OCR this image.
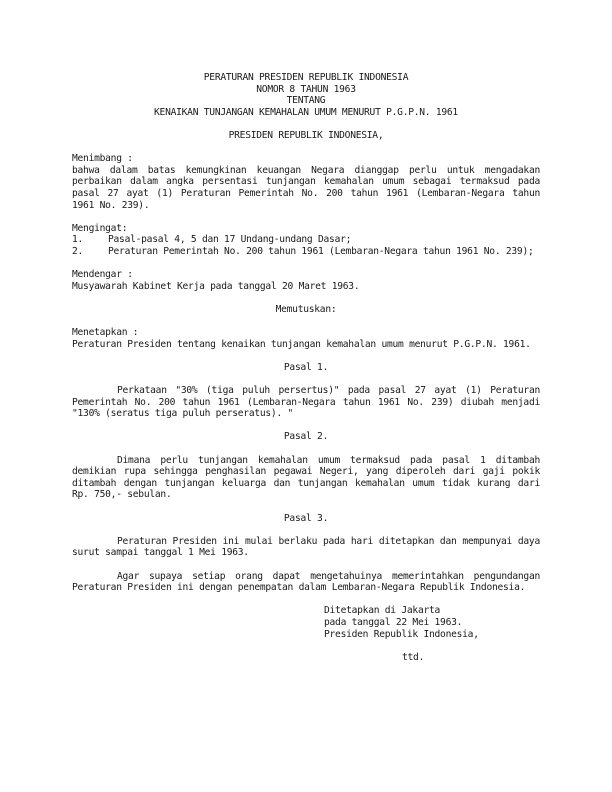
PERATURAN PRESIDEN REPUBLIK INDONESIA

NOMOR 8 TAHUN 1963

TENTANG

KENAIKAN TUNJANGAN KEMAHALAN UMUM MENURUT P.G.P.N. 1961

PRESIDEN REPUBLIK INDONESIA,

Menimbang :

bahwa dalam batas kemungkinan keuangan Negara dianggap perlu untuk mengadakan perbaikan dalam angka persentasi tunjangan kemahalan umum sebagai termaksud pada pasal 27 ayat (1) Peraturan Pemerintah No. 200 tahun 1961 (Lembaran-Negara tahun 1961 No. 239).

Mengingat:

1.	Pasal-pasal 4, 5 dan 17 Undang-undang Dasar;
2.	Peraturan Pemerintah No. 200 tahun 1961 (Lembaran-Negara tahun 1961 No. 239);

Mendengar :

Musyawarah Kabinet Kerja pada tanggal 20 Maret 1963.

Memutuskan:

Menetapkan :

Peraturan Presiden tentang kenaikan tunjangan kemahalan umum menurut P.G.P.N. 1961.

Pasal 1.

Perkataan "30% (tiga puluh persertus)" pada pasal 27 ayat (1) Peraturan Pemerintah No. 200 tahun 1961 (Lembaran-Negara tahun 1961 No. 239) diubah menjadi "130% (seratus tiga puluh perseratus). "

Pasal 2.

Dimana perlu tunjangan kemahalan umum termaksud pada pasal 1 ditambah demikian rupa sehingga penghasilan pegawai Negeri, yang diperoleh dari gaji pokik ditambah dengan tunjangan keluarga dan tunjangan kemahalan umum tidak kurang dari Rp. 750,- sebulan.

Pasal 3.

Peraturan Presiden ini mulai berlaku pada hari ditetapkan dan mempunyai daya surut sampai tanggal 1 Mei 1963.

Agar supaya setiap orang dapat mengetahuinya memerintahkan pengundangan Peraturan Presiden ini dengan penempatan dalam Lembaran-Negara Republik Indonesia.

Ditetapkan di Jakarta

pada tanggal 22 Mei 1963.

Presiden Republik Indonesia,

ttd.
